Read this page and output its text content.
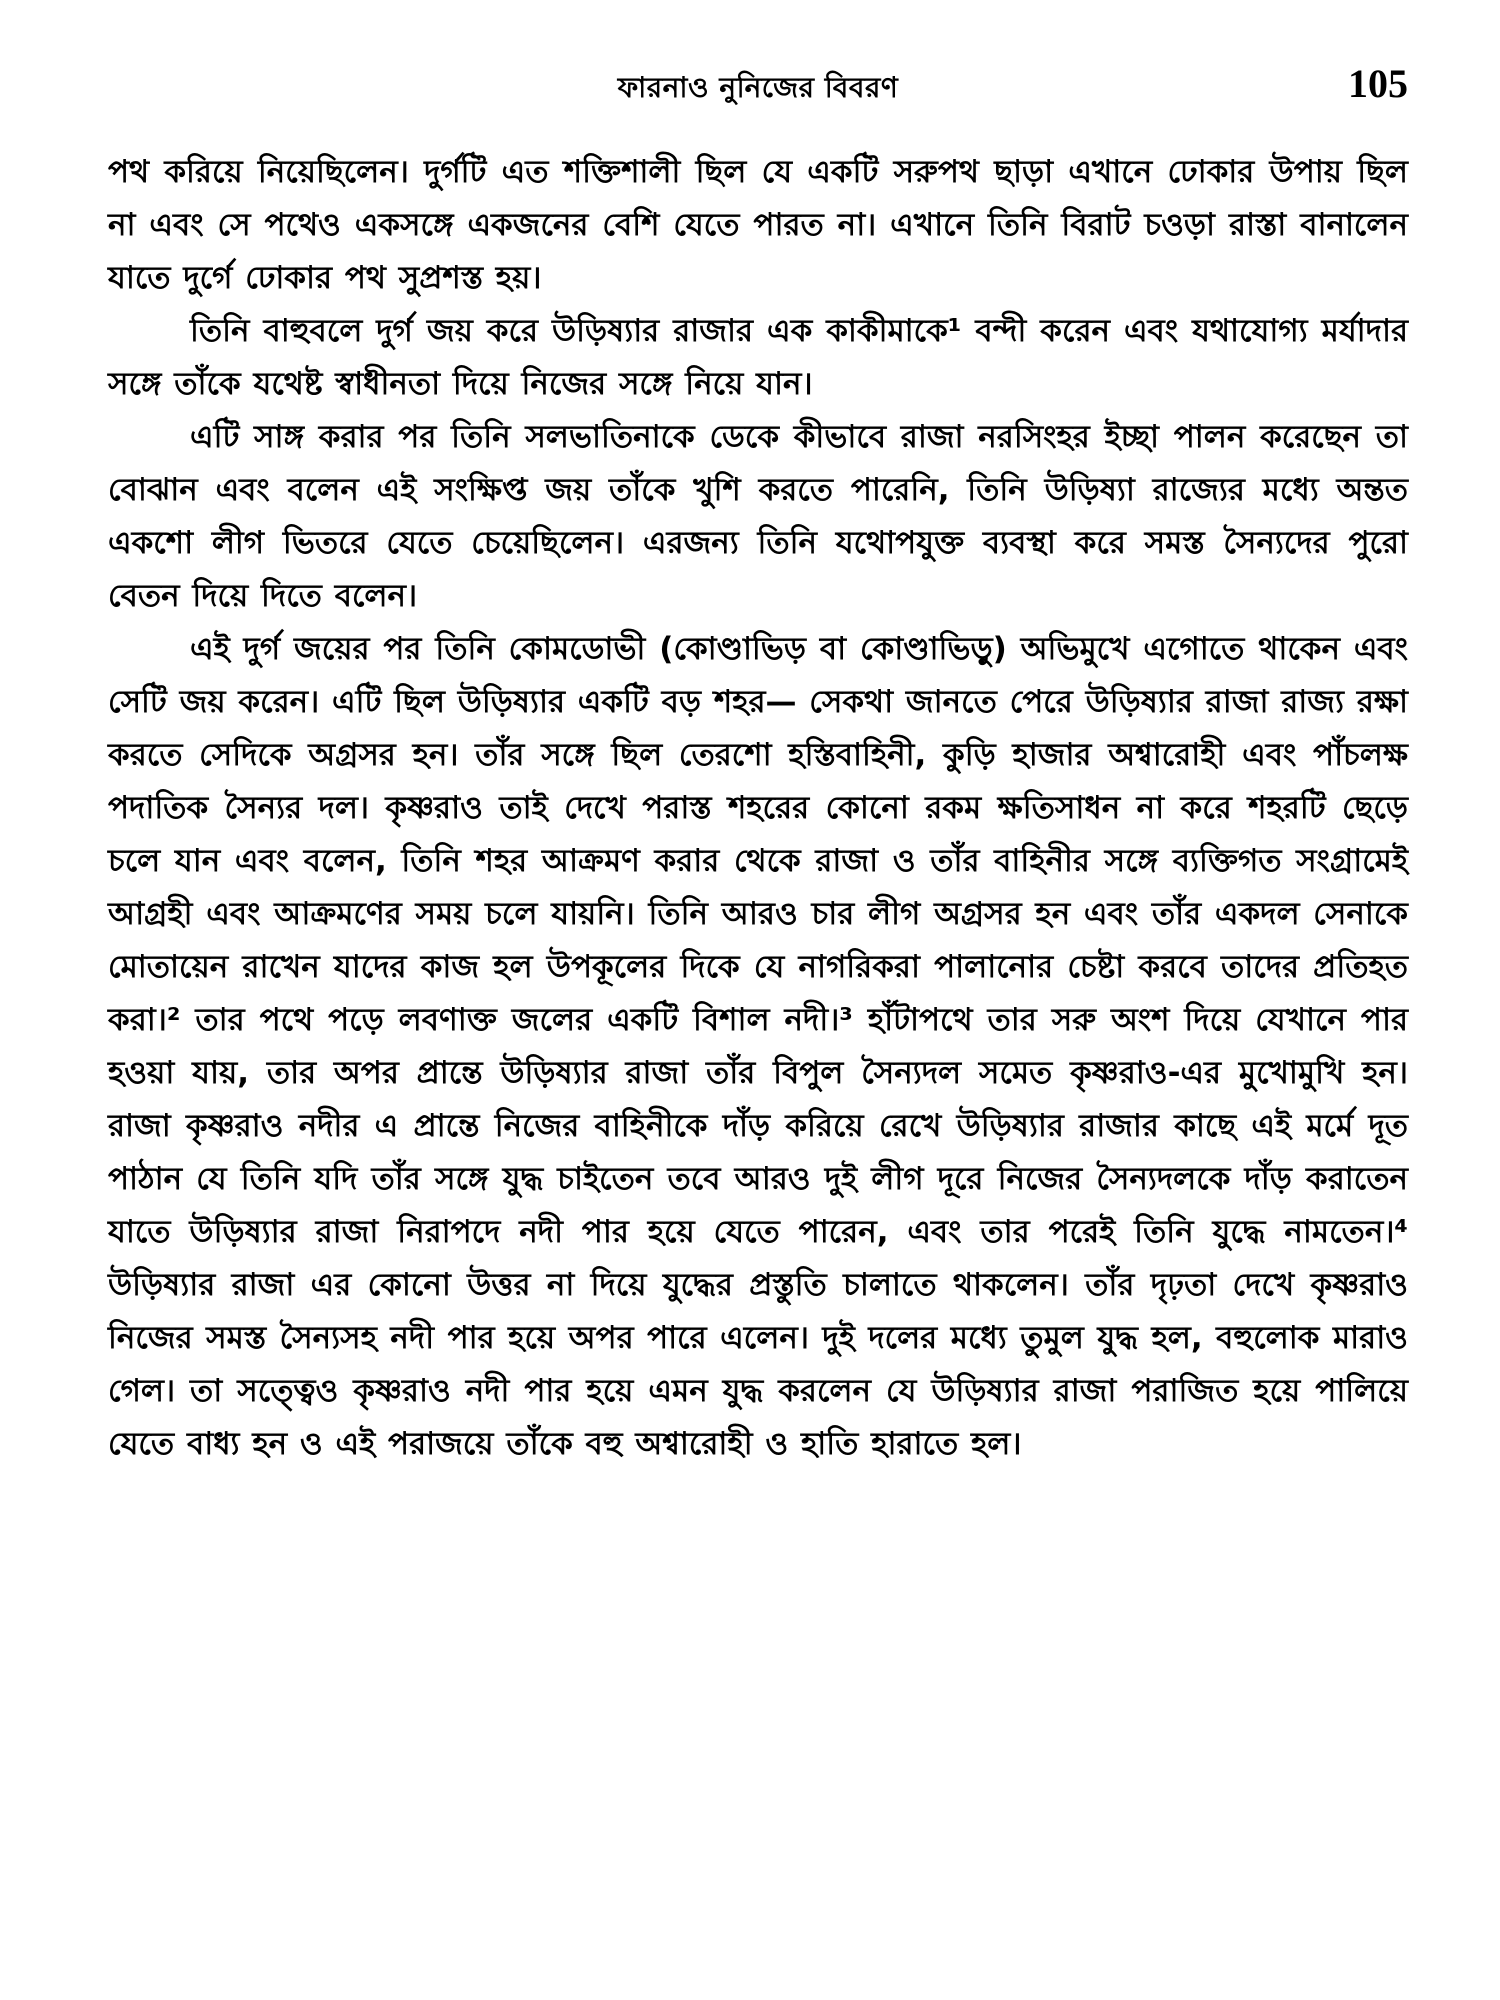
ফারনাও নুনিজের বিবরণ	105

পথ করিয়ে নিয়েছিলেন। দুর্গটি এত শক্তিশালী ছিল যে একটি সরুপথ ছাড়া এখানে ঢোকার উপায় ছিল না এবং সে পথেও একসঙ্গে একজনের বেশি যেতে পারত না। এখানে তিনি বিরাট চওড়া রাস্তা বানালেন যাতে দুর্গে ঢোকার পথ সুপ্রশস্ত হয়।

তিনি বাহুবলে দুর্গ জয় করে উড়িষ্যার রাজার এক কাকীমাকে¹ বন্দী করেন এবং যথাযোগ্য মর্যাদার সঙ্গে তাঁকে যথেষ্ট স্বাধীনতা দিয়ে নিজের সঙ্গে নিয়ে যান।

এটি সাঙ্গ করার পর তিনি সলভাতিনাকে ডেকে কীভাবে রাজা নরসিংহর ইচ্ছা পালন করেছেন তা বোঝান এবং বলেন এই সংক্ষিপ্ত জয় তাঁকে খুশি করতে পারেনি, তিনি উড়িষ্যা রাজ্যের মধ্যে অন্তত একশো লীগ ভিতরে যেতে চেয়েছিলেন। এরজন্য তিনি যথোপযুক্ত ব্যবস্থা করে সমস্ত সৈন্যদের পুরো বেতন দিয়ে দিতে বলেন।

এই দুর্গ জয়ের পর তিনি কোমডোভী (কোণ্ডাভিড় বা কোণ্ডাভিড়ু) অভিমুখে এগোতে থাকেন এবং সেটি জয় করেন। এটি ছিল উড়িষ্যার একটি বড় শহর— সেকথা জানতে পেরে উড়িষ্যার রাজা রাজ্য রক্ষা করতে সেদিকে অগ্রসর হন। তাঁর সঙ্গে ছিল তেরশো হস্তিবাহিনী, কুড়ি হাজার অশ্বারোহী এবং পাঁচলক্ষ পদাতিক সৈন্যর দল। কৃষ্ণরাও তাই দেখে পরাস্ত শহরের কোনো রকম ক্ষতিসাধন না করে শহরটি ছেড়ে চলে যান এবং বলেন, তিনি শহর আক্রমণ করার থেকে রাজা ও তাঁর বাহিনীর সঙ্গে ব্যক্তিগত সংগ্রামেই আগ্রহী এবং আক্রমণের সময় চলে যায়নি। তিনি আরও চার লীগ অগ্রসর হন এবং তাঁর একদল সেনাকে মোতায়েন রাখেন যাদের কাজ হল উপকূলের দিকে যে নাগরিকরা পালানোর চেষ্টা করবে তাদের প্রতিহত করা।² তার পথে পড়ে লবণাক্ত জলের একটি বিশাল নদী।³ হাঁটাপথে তার সরু অংশ দিয়ে যেখানে পার হওয়া যায়, তার অপর প্রান্তে উড়িষ্যার রাজা তাঁর বিপুল সৈন্যদল সমেত কৃষ্ণরাও-এর মুখোমুখি হন। রাজা কৃষ্ণরাও নদীর এ প্রান্তে নিজের বাহিনীকে দাঁড় করিয়ে রেখে উড়িষ্যার রাজার কাছে এই মর্মে দূত পাঠান যে তিনি যদি তাঁর সঙ্গে যুদ্ধ চাইতেন তবে আরও দুই লীগ দূরে নিজের সৈন্যদলকে দাঁড় করাতেন যাতে উড়িষ্যার রাজা নিরাপদে নদী পার হয়ে যেতে পারেন, এবং তার পরেই তিনি যুদ্ধে নামতেন।⁴ উড়িষ্যার রাজা এর কোনো উত্তর না দিয়ে যুদ্ধের প্রস্তুতি চালাতে থাকলেন। তাঁর দৃঢ়তা দেখে কৃষ্ণরাও নিজের সমস্ত সৈন্যসহ নদী পার হয়ে অপর পারে এলেন। দুই দলের মধ্যে তুমুল যুদ্ধ হল, বহুলোক মারাও গেল। তা সত্ত্বেও কৃষ্ণরাও নদী পার হয়ে এমন যুদ্ধ করলেন যে উড়িষ্যার রাজা পরাজিত হয়ে পালিয়ে যেতে বাধ্য হন ও এই পরাজয়ে তাঁকে বহু অশ্বারোহী ও হাতি হারাতে হল।
